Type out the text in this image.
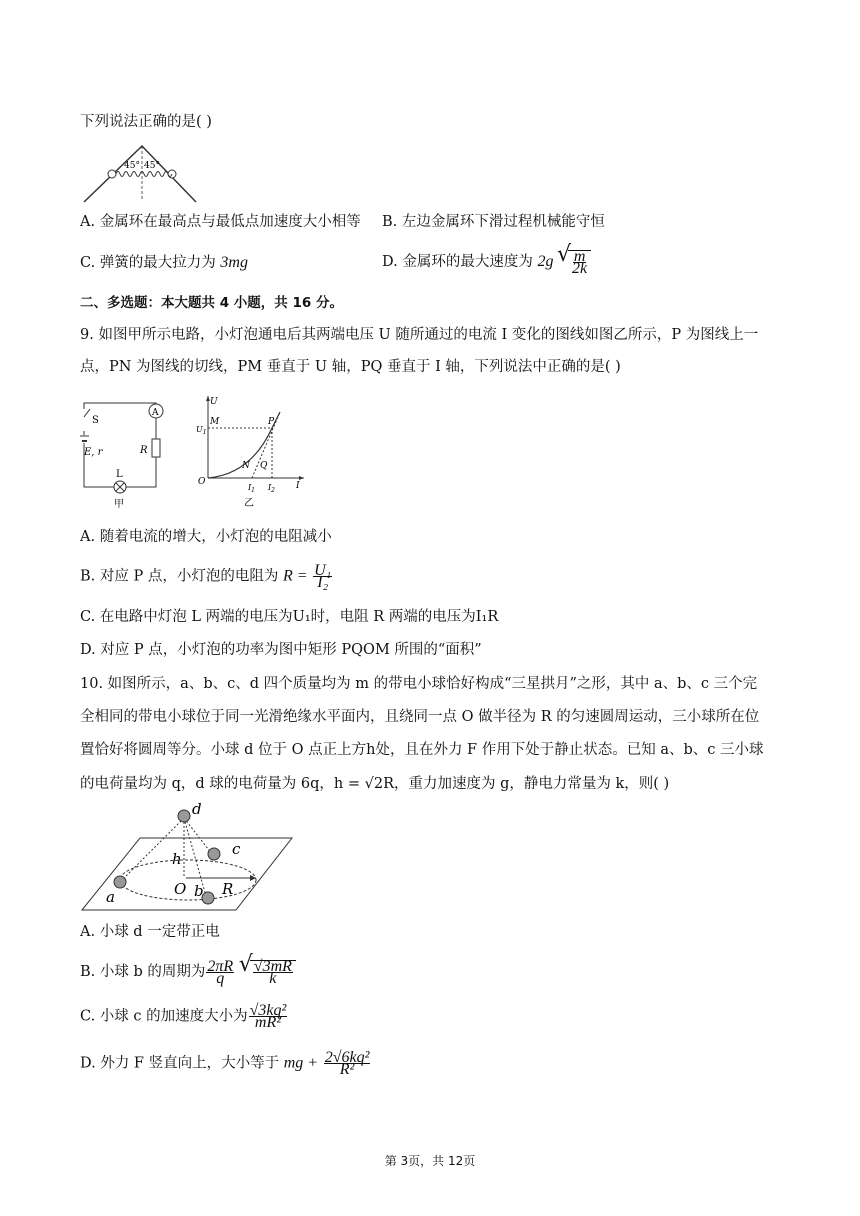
下列说法正确的是( )
45° 45°
A. 金属环在最高点与最低点加速度大小相等 B. 左边金属环下滑过程机械能守恒
C. 弹簧的最大拉力为 3mg	D. 金属环的最大速度为 2g √ $\frac{m}{2k}$
二、多选题：本大题共 4 小题，共 16 分。
9. 如图甲所示电路，小灯泡通电后其两端电压 U 随所通过的电流 I 变化的图线如图乙所示，P 为图线上一
点，PN 为图线的切线，PM 垂直于 U 轴，PQ 垂直于 I 轴，下列说法中正确的是( )
S
E, r
A
R
L
甲
U
M
$U_1$
P
N Q
O
$I_1$ $I_2$ I
乙
A. 随着电流的增大，小灯泡的电阻减小
B. 对应 P 点，小灯泡的电阻为 $R = \frac{\text{U₁}}{\text{I₂}}$
C. 在电路中灯泡 L 两端的电压为U₁时，电阻 R 两端的电压为I₁R
D. 对应 P 点，小灯泡的功率为图中矩形 PQOM 所围的“面积”
10. 如图所示，a、b、c、d 四个质量均为 m 的带电小球恰好构成“三星拱月”之形，其中 a、b、c 三个完
全相同的带电小球位于同一光滑绝缘水平面内，且绕同一点 O 做半径为 R 的匀速圆周运动，三小球所在位
置恰好将圆周等分。小球 d 位于 O 点正上方h处，且在外力 F 作用下处于静止状态。已知 a、b、c 三小球
的电荷量均为 q，d 球的电荷量为 6q，h = √2R，重力加速度为 g，静电力常量为 k，则( )
d
c
h
a	O b R
A. 小球 d 一定带正电
B. 小球 b 的周期为 $\frac{2\pi R}{q}$
√ $\frac{√3mR}{k}$
C. 小球 c 的加速度大小为 $\frac{\text{√3kq²}}{\text{mR²}}$
D. 外力 F 竖直向上，大小等于 mg + $\frac{\text{2√6kq²}}{\text{R²}}$
第 3页，共 12页
